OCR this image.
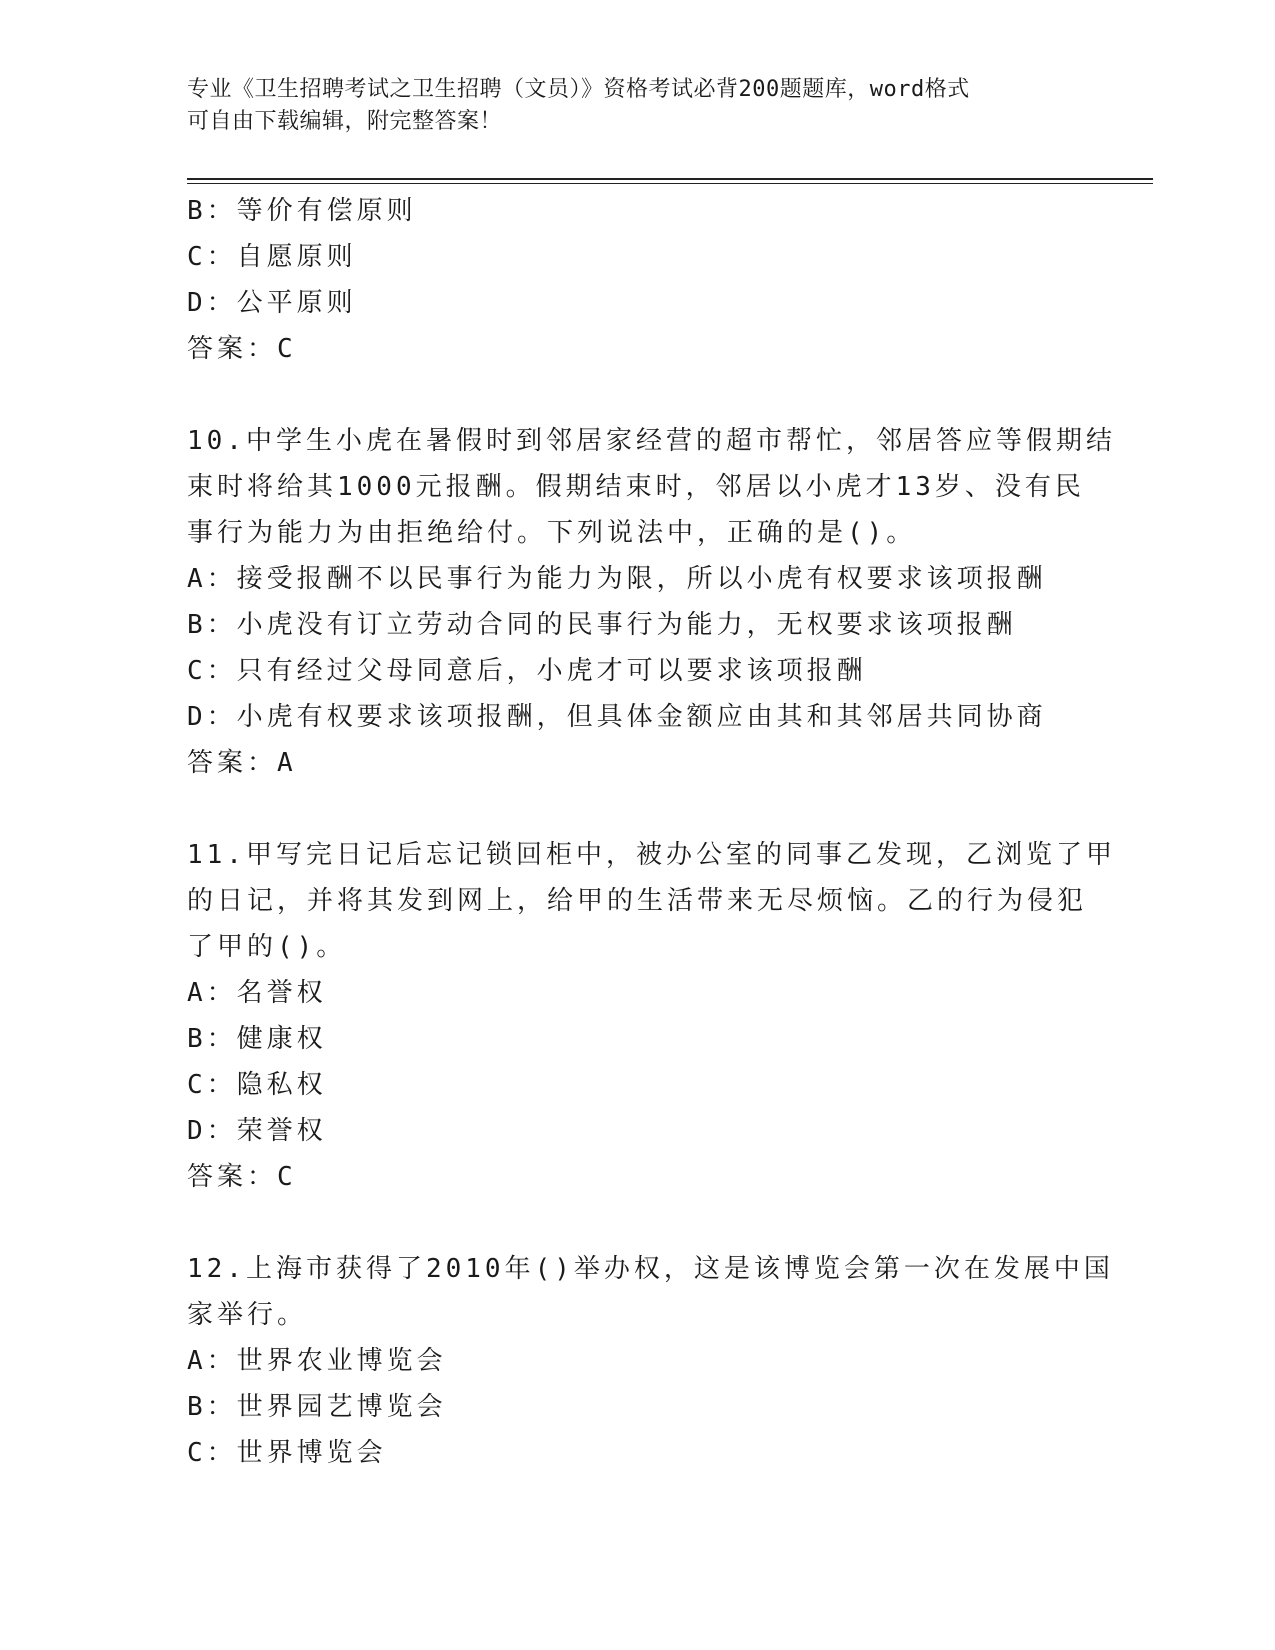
专业《卫生招聘考试之卫生招聘（文员）》资格考试必背200题题库，word格式
可自由下载编辑，附完整答案！

B：等价有偿原则

C：自愿原则

D：公平原则

答案：C

10.中学生小虎在暑假时到邻居家经营的超市帮忙，邻居答应等假期结

束时将给其1000元报酬。假期结束时，邻居以小虎才13岁、没有民

事行为能力为由拒绝给付。下列说法中，正确的是()。

A：接受报酬不以民事行为能力为限，所以小虎有权要求该项报酬

B：小虎没有订立劳动合同的民事行为能力，无权要求该项报酬

C：只有经过父母同意后，小虎才可以要求该项报酬

D：小虎有权要求该项报酬，但具体金额应由其和其邻居共同协商

答案：A

11.甲写完日记后忘记锁回柜中，被办公室的同事乙发现，乙浏览了甲

的日记，并将其发到网上，给甲的生活带来无尽烦恼。乙的行为侵犯

了甲的()。

A：名誉权

B：健康权

C：隐私权

D：荣誉权

答案：C

12.上海市获得了2010年()举办权，这是该博览会第一次在发展中国

家举行。

A：世界农业博览会

B：世界园艺博览会

C：世界博览会
